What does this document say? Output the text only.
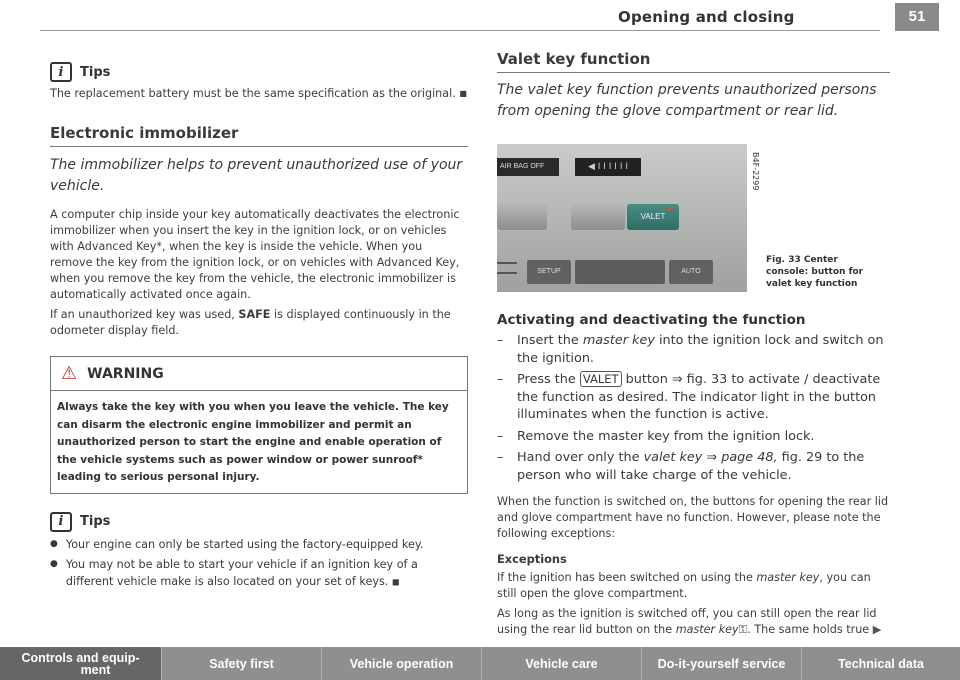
Opening and closing	51
i	Tips

The replacement battery must be the same specification as the original. ■

Electronic immobilizer

The immobilizer helps to prevent unauthorized use of your vehicle.

A computer chip inside your key automatically deactivates the electronic immobilizer when you insert the key in the ignition lock, or on vehicles with Advanced Key*, when the key is inside the vehicle. When you remove the key from the ignition lock, or on vehicles with Advanced Key, when you remove the key from the vehicle, the electronic immobilizer is automatically activated once again.

If an unauthorized key was used, SAFE is displayed continuously in the odometer display field.

⚠ WARNING

Always take the key with you when you leave the vehicle. The key can disarm the electronic engine immobilizer and permit an unauthorized person to start the engine and enable operation of the vehicle systems such as power window or power sunroof* leading to serious personal injury.

i	Tips
● Your engine can only be started using the factory-equipped key.
● You may not be able to start your vehicle if an ignition key of a different vehicle make is also located on your set of keys. ■
Valet key function

The valet key function prevents unauthorized persons from opening the glove compartment or rear lid.

AIR BAG OFF	◀ I I I I I I
VALET
SETUP	AUTO
B4F-2299
Fig. 33 Center console: button for valet key function
Activating and deactivating the function
–	Insert the master key into the ignition lock and switch on the ignition.
–	Press the VALET button ⇒ fig. 33 to activate / deactivate the function as desired. The indicator light in the button illuminates when the function is active.
–	Remove the master key from the ignition lock.
–	Hand over only the valet key ⇒ page 48, fig. 29 to the person who will take charge of the vehicle.

When the function is switched on, the buttons for opening the rear lid and glove compartment have no function. However, please note the following exceptions:

Exceptions

If the ignition has been switched on using the master key, you can still open the glove compartment.

As long as the ignition is switched off, you can still open the rear lid using the rear lid button on the master key⚿. The same holds true ▶

Controls and equip-
ment	Safety first	Vehicle operation	Vehicle care	Do-it-yourself service	Technical data
